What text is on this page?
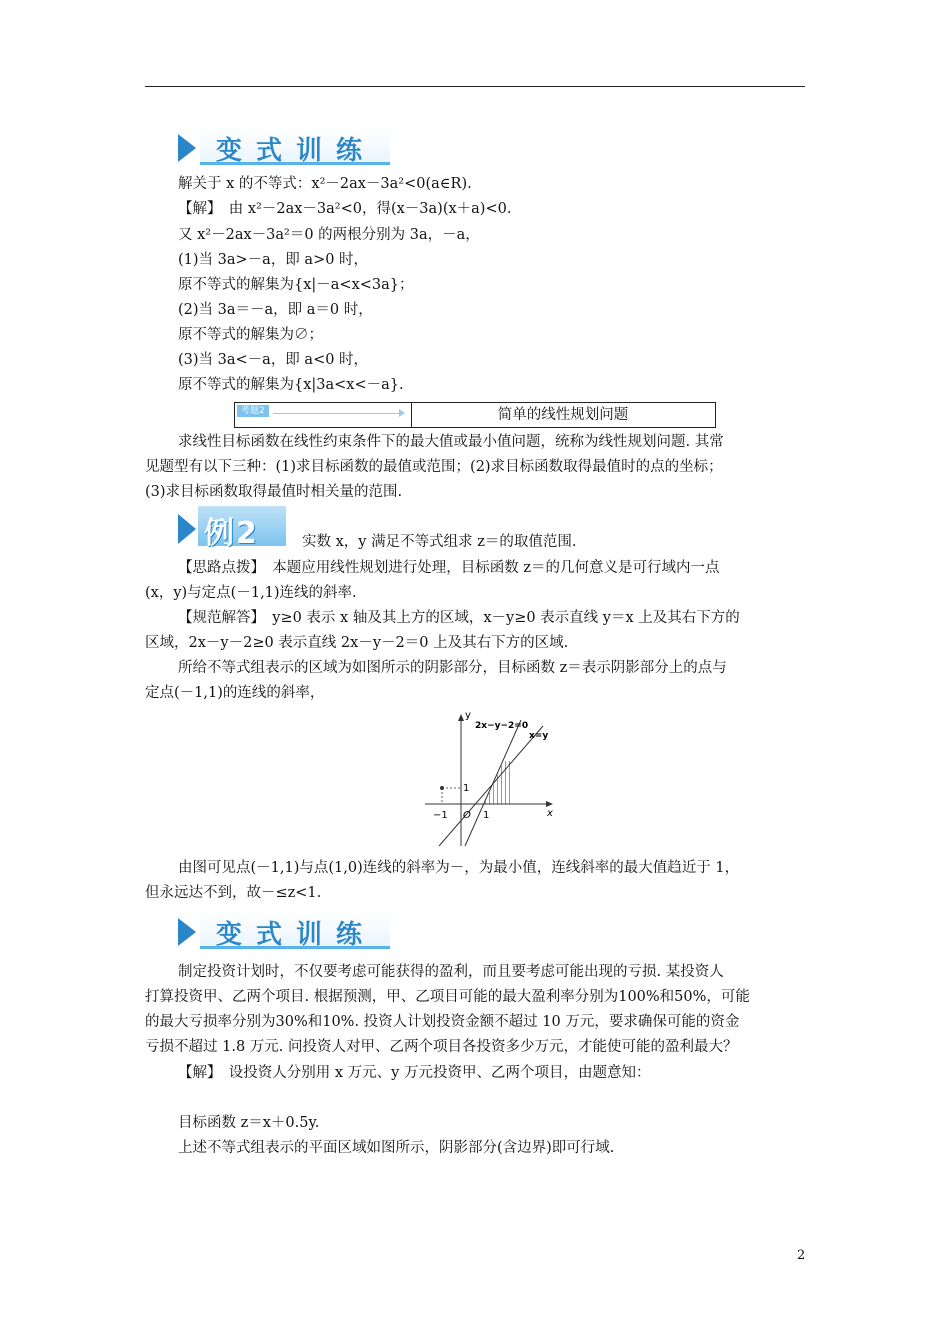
变式训练
解关于 x 的不等式：x²－2ax－3a²<0(a∈R).
【解】　由 x²－2ax－3a²<0，得(x－3a)(x＋a)<0.
又 x²－2ax－3a²＝0 的两根分别为 3a，－a，
(1)当 3a>－a，即 a>0 时，
原不等式的解集为{x|－a<x<3a}；
(2)当 3a＝－a，即 a＝0 时，
原不等式的解集为∅；
(3)当 3a<－a，即 a<0 时，
原不等式的解集为{x|3a<x<－a}.
考题2	简单的线性规划问题
求线性目标函数在线性约束条件下的最大值或最小值问题，统称为线性规划问题. 其常
见题型有以下三种：(1)求目标函数的最值或范围；(2)求目标函数取得最值时的点的坐标；
(3)求目标函数取得最值时相关量的范围.
例2	实数 x，y 满足不等式组求 z＝的取值范围.
【思路点拨】　本题应用线性规划进行处理，目标函数 z＝的几何意义是可行域内一点
(x，y)与定点(－1,1)连线的斜率.
【规范解答】　y≥0 表示 x 轴及其上方的区域，x－y≥0 表示直线 y＝x 上及其右下方的
区域，2x－y－2≥0 表示直线 2x－y－2＝0 上及其右下方的区域.
所给不等式组表示的区域为如图所示的阴影部分，目标函数 z＝表示阴影部分上的点与
定点(－1,1)的连线的斜率，
y
x
2x−y−2=0
x=y
O
−1	1
1
由图可见点(－1,1)与点(1,0)连线的斜率为－，为最小值，连线斜率的最大值趋近于 1，
但永远达不到，故－≤z<1.
变式训练
制定投资计划时，不仅要考虑可能获得的盈利，而且要考虑可能出现的亏损. 某投资人
打算投资甲、乙两个项目. 根据预测，甲、乙项目可能的最大盈利率分别为100%和50%，可能
的最大亏损率分别为30%和10%. 投资人计划投资金额不超过 10 万元，要求确保可能的资金
亏损不超过 1.8 万元. 问投资人对甲、乙两个项目各投资多少万元，才能使可能的盈利最大？
【解】　设投资人分别用 x 万元、y 万元投资甲、乙两个项目，由题意知：
目标函数 z＝x＋0.5y.
上述不等式组表示的平面区域如图所示，阴影部分(含边界)即可行域.
2
